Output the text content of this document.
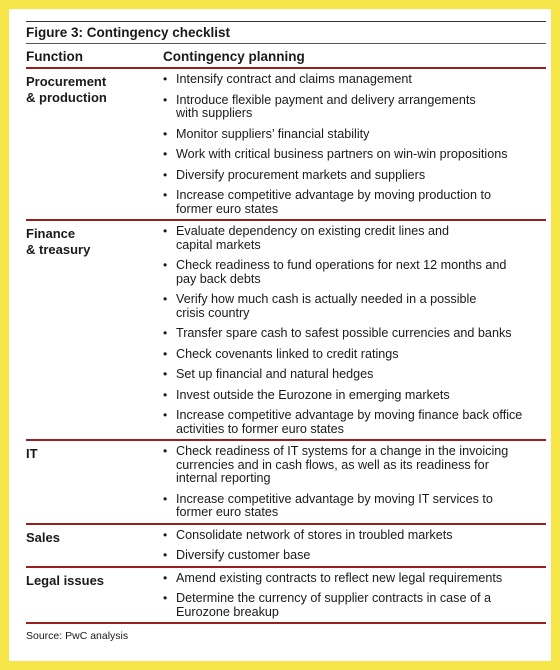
Figure 3: Contingency checklist
Function	Contingency planning
Procurement
& production
• Intensify contract and claims management
• Introduce flexible payment and delivery arrangements
with suppliers
• Monitor suppliers’ financial stability
• Work with critical business partners on win-win propositions
• Diversify procurement markets and suppliers
• Increase competitive advantage by moving production to
former euro states
Finance
& treasury
• Evaluate dependency on existing credit lines and
capital markets
• Check readiness to fund operations for next 12 months and
pay back debts
• Verify how much cash is actually needed in a possible
crisis country
• Transfer spare cash to safest possible currencies and banks
• Check covenants linked to credit ratings
• Set up financial and natural hedges
• Invest outside the Eurozone in emerging markets
• Increase competitive advantage by moving finance back office
activities to former euro states
IT	• Check readiness of IT systems for a change in the invoicing
currencies and in cash flows, as well as its readiness for
internal reporting
• Increase competitive advantage by moving IT services to
former euro states
Sales	• Consolidate network of stores in troubled markets
• Diversify customer base
Legal issues	• Amend existing contracts to reflect new legal requirements
• Determine the currency of supplier contracts in case of a
Eurozone breakup
Source: PwC analysis
